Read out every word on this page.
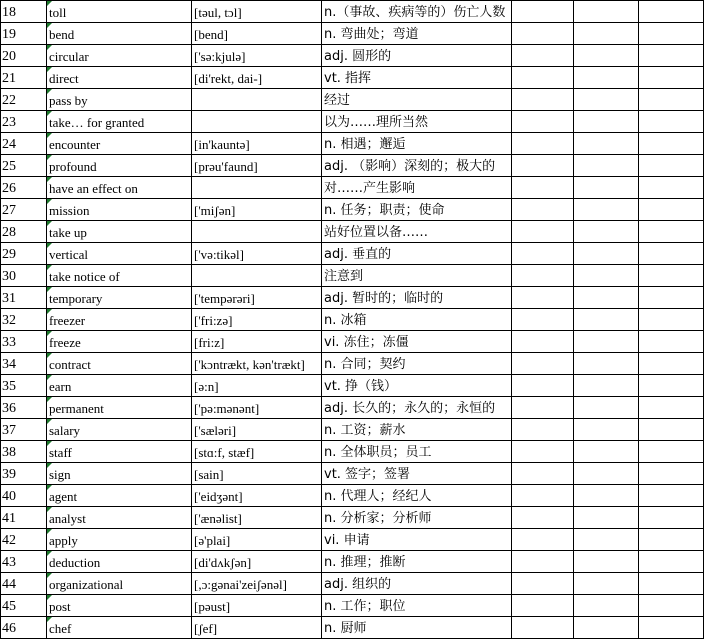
18	toll	[təul, tɔl]	n.（事故、疾病等的）伤亡人数			
19	bend	[bend]	n. 弯曲处；弯道			
20	circular	['sə:kjulə]	adj. 圆形的			
21	direct	[di'rekt, dai-]	vt. 指挥			
22	pass by		经过			
23	take… for granted		以为……理所当然			
24	encounter	[in'kauntə]	n. 相遇；邂逅			
25	profound	[prəu'faund]	adj. （影响）深刻的；极大的			
26	have an effect on		对……产生影响			
27	mission	['miʃən]	n. 任务；职责；使命			
28	take up		站好位置以备……			
29	vertical	['və:tikəl]	adj. 垂直的			
30	take notice of		注意到			
31	temporary	['tempərəri]	adj. 暂时的；临时的			
32	freezer	['fri:zə]	n. 冰箱			
33	freeze	[fri:z]	vi. 冻住；冻僵			
34	contract	['kɔntrækt, kən'trækt]	n. 合同；契约			
35	earn	[ə:n]	vt. 挣（钱）			
36	permanent	['pə:mənənt]	adj. 长久的；永久的；永恒的			
37	salary	['sæləri]	n. 工资；薪水			
38	staff	[stɑ:f, stæf]	n. 全体职员；员工			
39	sign	[sain]	vt. 签字；签署			
40	agent	['eidʒənt]	n. 代理人；经纪人			
41	analyst	['ænəlist]	n. 分析家；分析师			
42	apply	[ə'plai]	vi. 申请			
43	deduction	[di'dʌkʃən]	n. 推理；推断			
44	organizational	[,ɔ:gənai'zeiʃənəl]	adj. 组织的			
45	post	[pəust]	n. 工作；职位			
46	chef	[ʃef]	n. 厨师			
